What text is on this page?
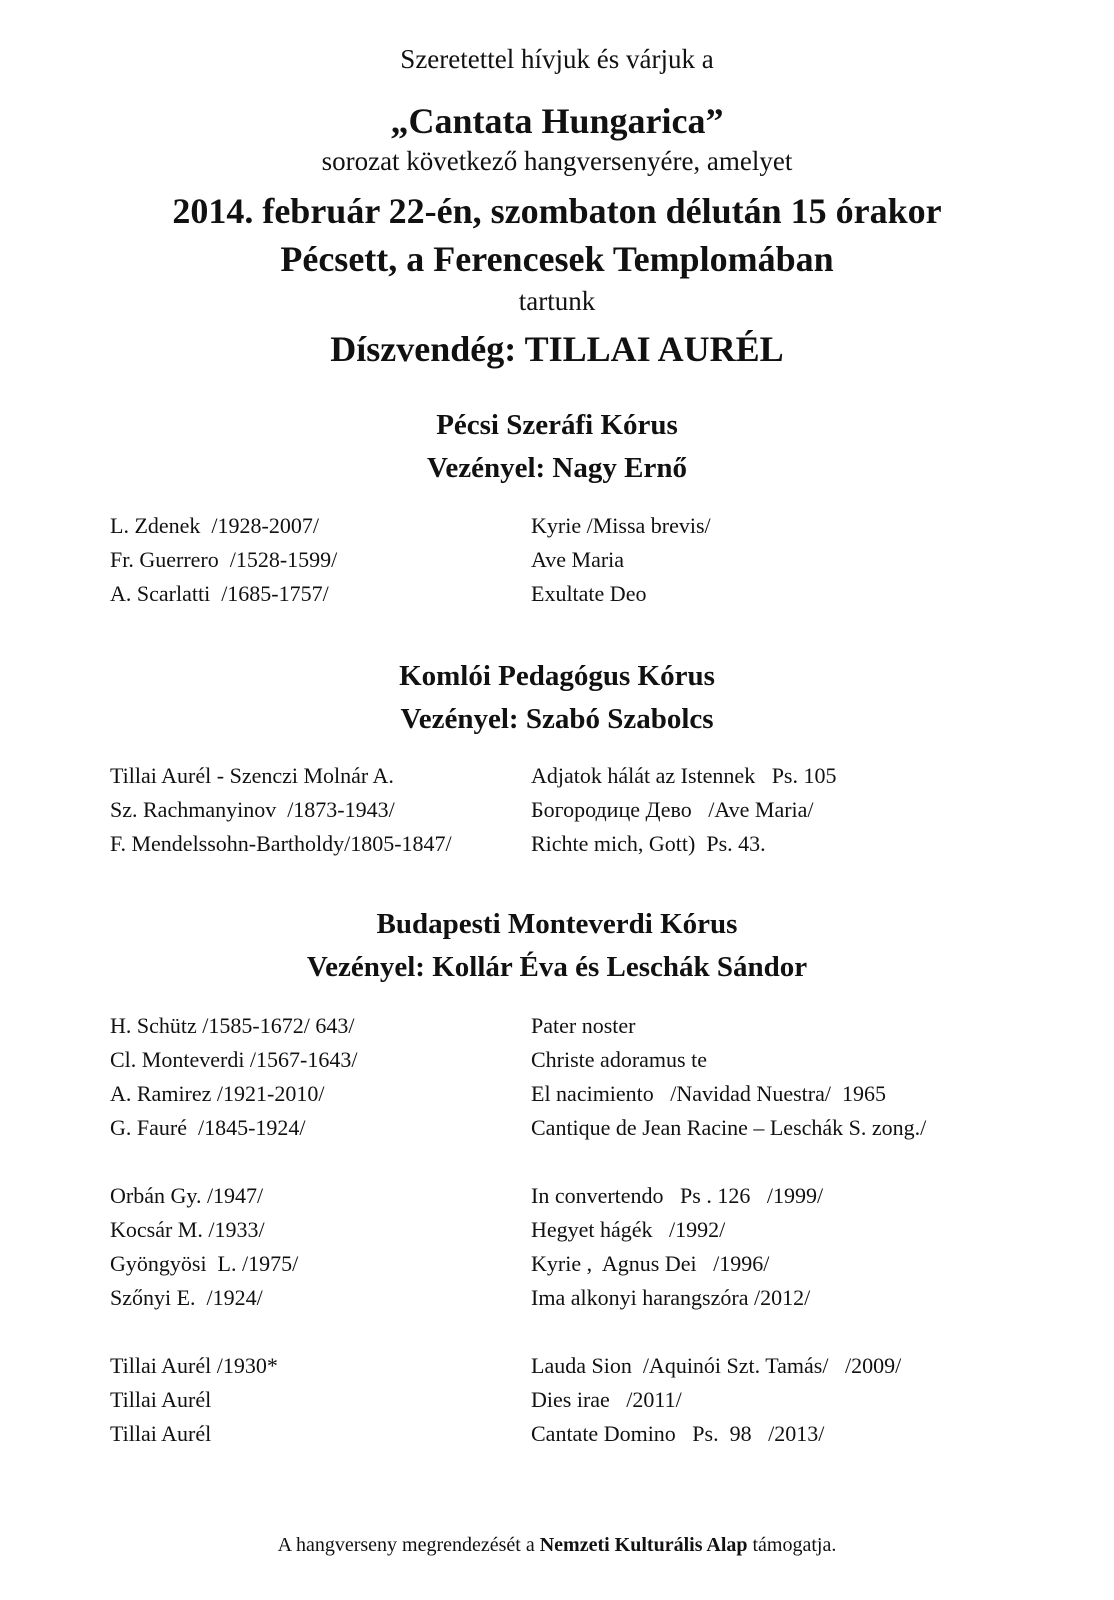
Szeretettel hívjuk és várjuk a
„Cantata Hungarica”
sorozat következő hangversenyére, amelyet
2014. február 22-én, szombaton délután 15 órakor
Pécsett, a Ferencesek Templomában
tartunk
Díszvendég: TILLAI AURÉL
Pécsi Szeráfi Kórus
Vezényel: Nagy Ernő
L. Zdenek  /1928-2007/	Kyrie /Missa brevis/
Fr. Guerrero  /1528-1599/	Ave Maria
A. Scarlatti  /1685-1757/	Exultate Deo
Komlói Pedagógus Kórus
Vezényel: Szabó Szabolcs
Tillai Aurél - Szenczi Molnár A.	Adjatok hálát az Istennek   Ps. 105
Sz. Rachmanyinov  /1873-1943/	Богородице Дево   /Ave Maria/
F. Mendelssohn-Bartholdy/1805-1847/	Richte mich, Gott)  Ps. 43.
Budapesti Monteverdi Kórus
Vezényel: Kollár Éva és Leschák Sándor
H. Schütz /1585-1672/ 643/	Pater noster
Cl. Monteverdi /1567-1643/	Christe adoramus te
A. Ramirez /1921-2010/	El nacimiento   /Navidad Nuestra/  1965
G. Fauré  /1845-1924/	Cantique de Jean Racine – Leschák S. zong./
Orbán Gy. /1947/	In convertendo   Ps . 126   /1999/
Kocsár M. /1933/	Hegyet hágék   /1992/
Gyöngyösi  L. /1975/	Kyrie ,  Agnus Dei   /1996/
Szőnyi E.  /1924/	Ima alkonyi harangszóra /2012/
Tillai Aurél /1930*	Lauda Sion  /Aquinói Szt. Tamás/   /2009/
Tillai Aurél	Dies irae   /2011/
Tillai Aurél	Cantate Domino   Ps.  98   /2013/
A hangverseny megrendezését a Nemzeti Kulturális Alap támogatja.
